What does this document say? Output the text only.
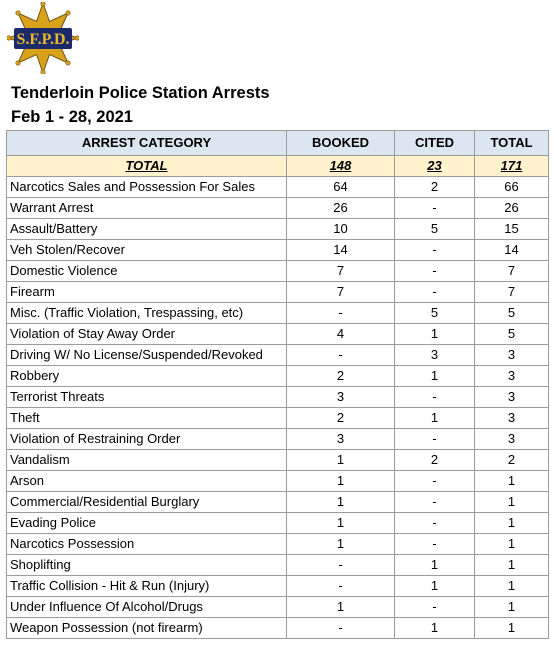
S.F.P.D.
Tenderloin Police Station Arrests
Feb 1 - 28, 2021
ARREST CATEGORY	BOOKED	CITED	TOTAL
TOTAL	148	23	171
Narcotics Sales and Possession For Sales	64	2	66
Warrant Arrest	26	-	26
Assault/Battery	10	5	15
Veh Stolen/Recover	14	-	14
Domestic Violence	7	-	7
Firearm	7	-	7
Misc. (Traffic Violation, Trespassing, etc)	-	5	5
Violation of Stay Away Order	4	1	5
Driving W/ No License/Suspended/Revoked	-	3	3
Robbery	2	1	3
Terrorist Threats	3	-	3
Theft	2	1	3
Violation of Restraining Order	3	-	3
Vandalism	1	2	2
Arson	1	-	1
Commercial/Residential Burglary	1	-	1
Evading Police	1	-	1
Narcotics Possession	1	-	1
Shoplifting	-	1	1
Traffic Collision - Hit & Run (Injury)	-	1	1
Under Influence Of Alcohol/Drugs	1	-	1
Weapon Possession (not firearm)	-	1	1
